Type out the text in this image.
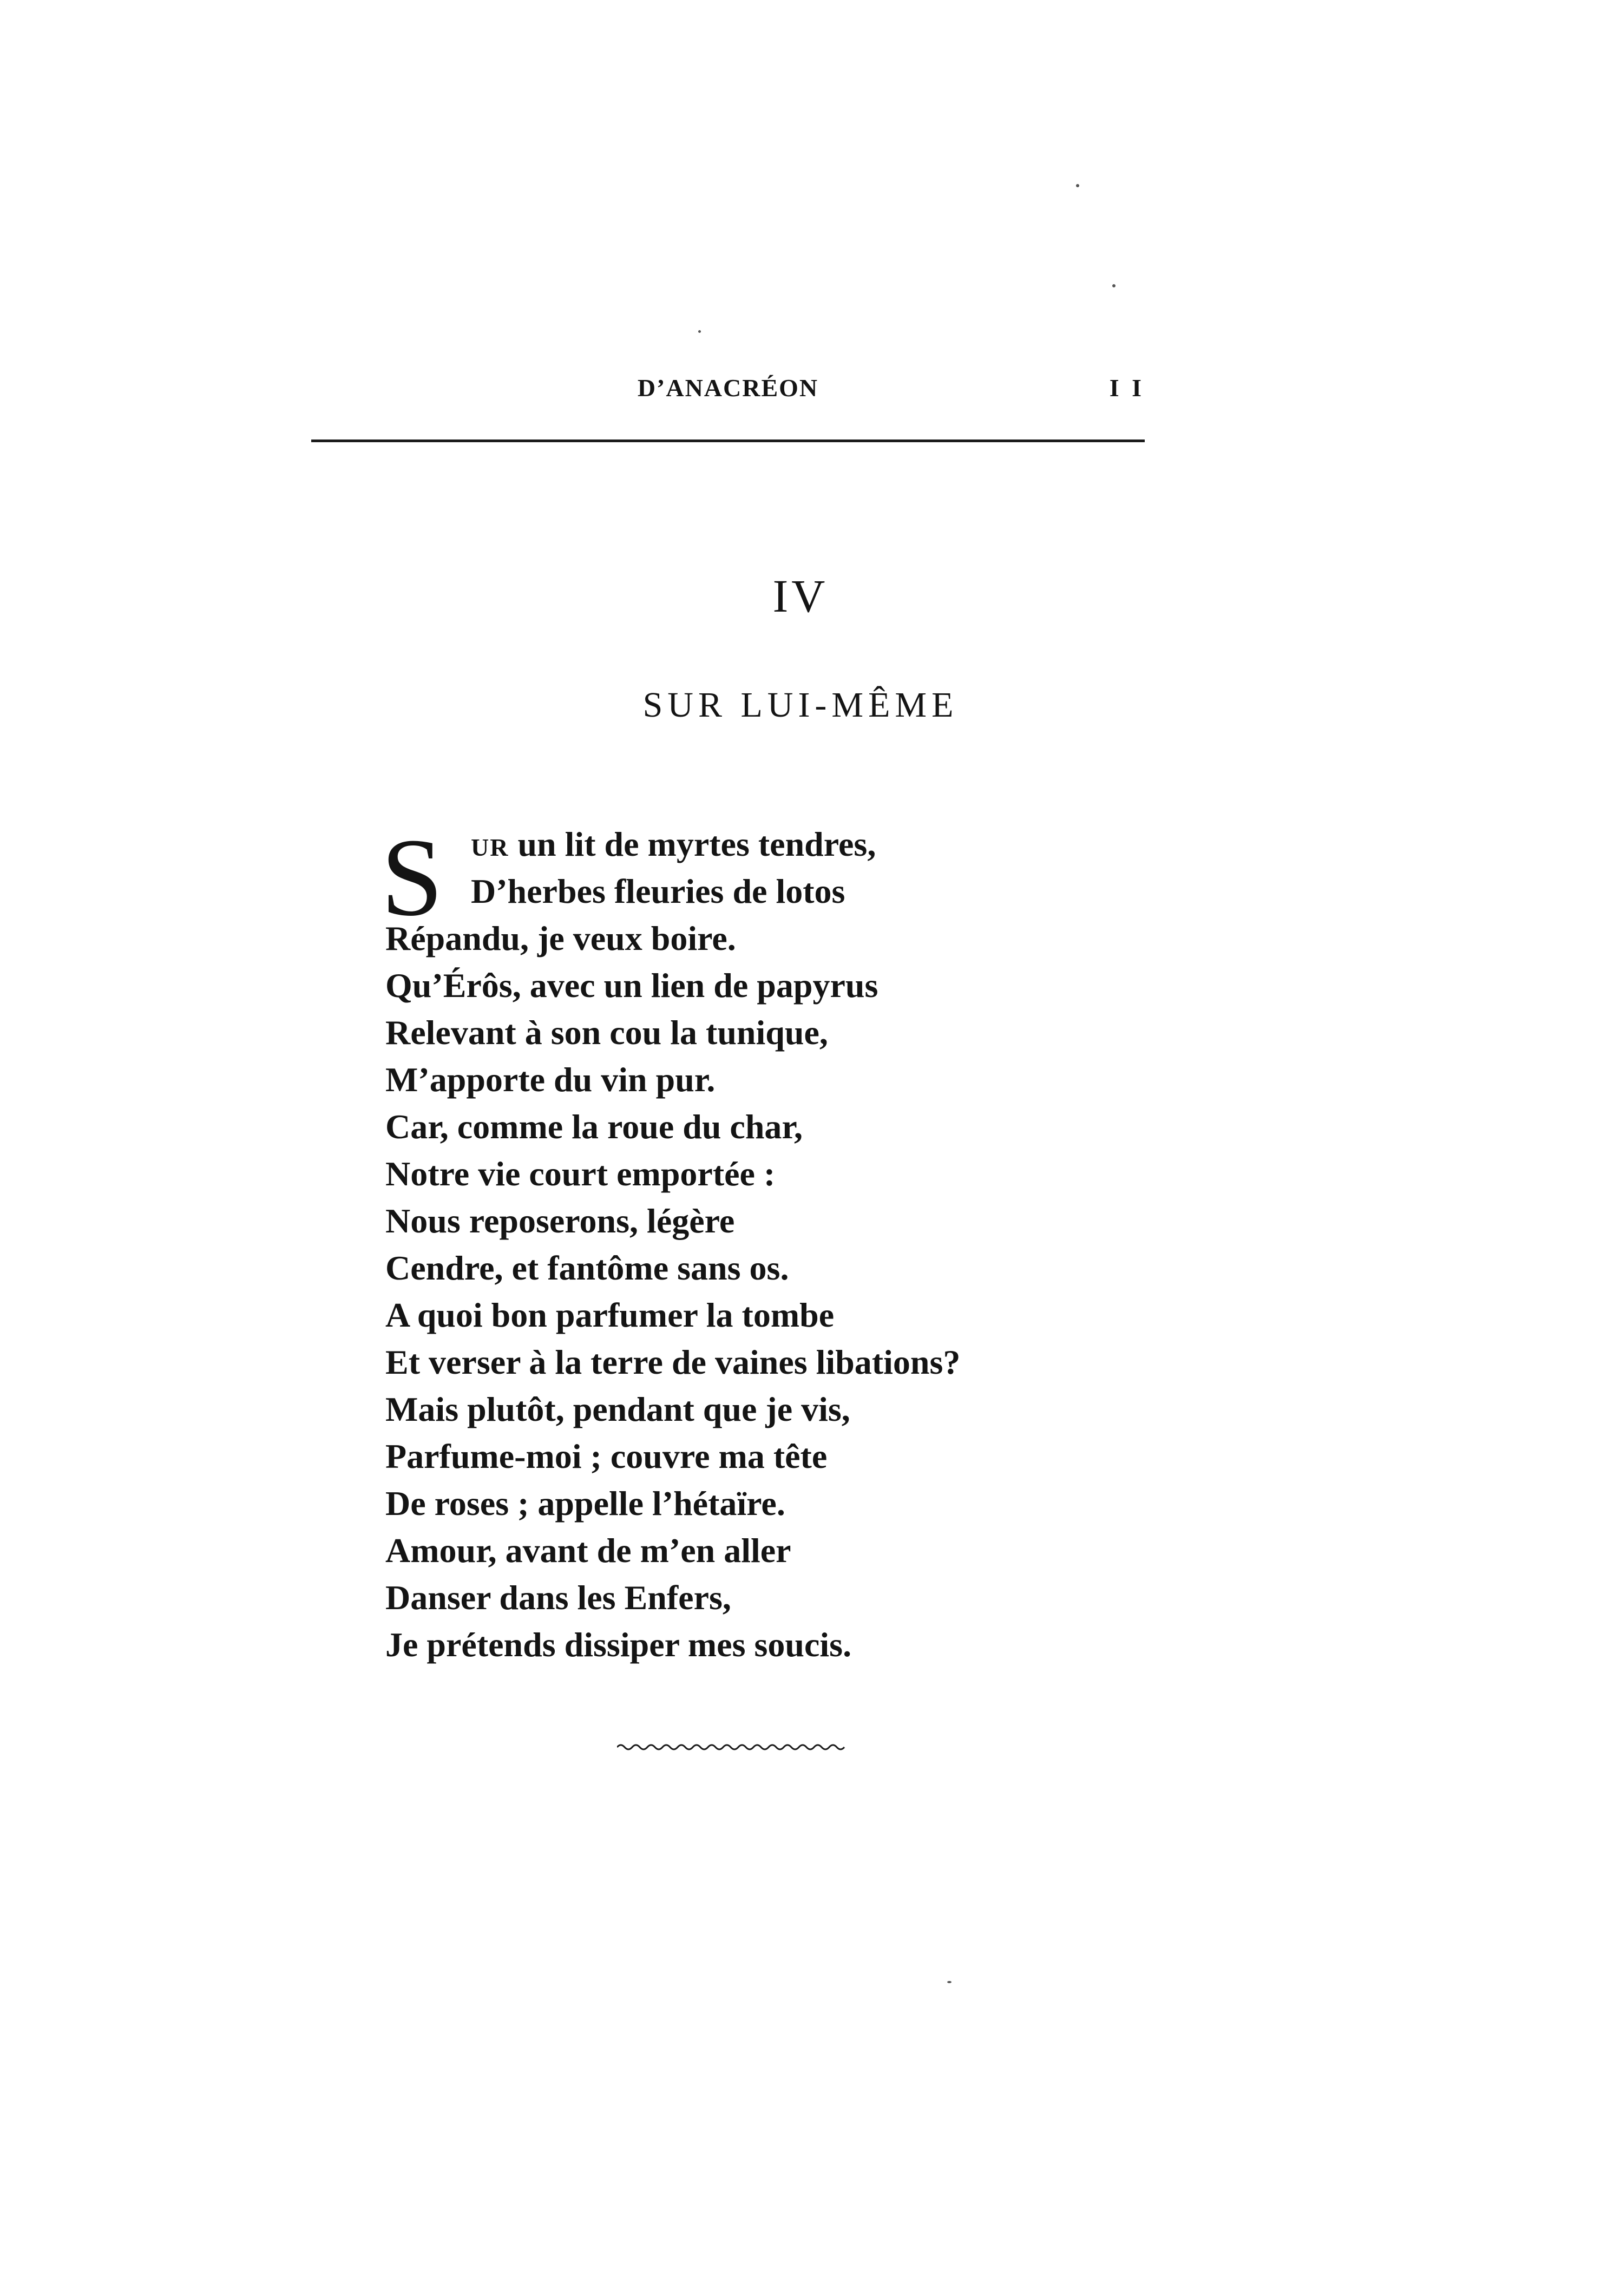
D’ANACRÉON	I I
IV
SUR LUI-MÊME
S	UR un lit de myrtes tendres,
D’herbes fleuries de lotos
Répandu, je veux boire.
Qu’Érôs, avec un lien de papyrus
Relevant à son cou la tunique,
M’apporte du vin pur.
Car, comme la roue du char,
Notre vie court emportée :
Nous reposerons, légère
Cendre, et fantôme sans os.
A quoi bon parfumer la tombe
Et verser à la terre de vaines libations?
Mais plutôt, pendant que je vis,
Parfume-moi ; couvre ma tête
De roses ; appelle l’hétaïre.
Amour, avant de m’en aller
Danser dans les Enfers,
Je prétends dissiper mes soucis.
